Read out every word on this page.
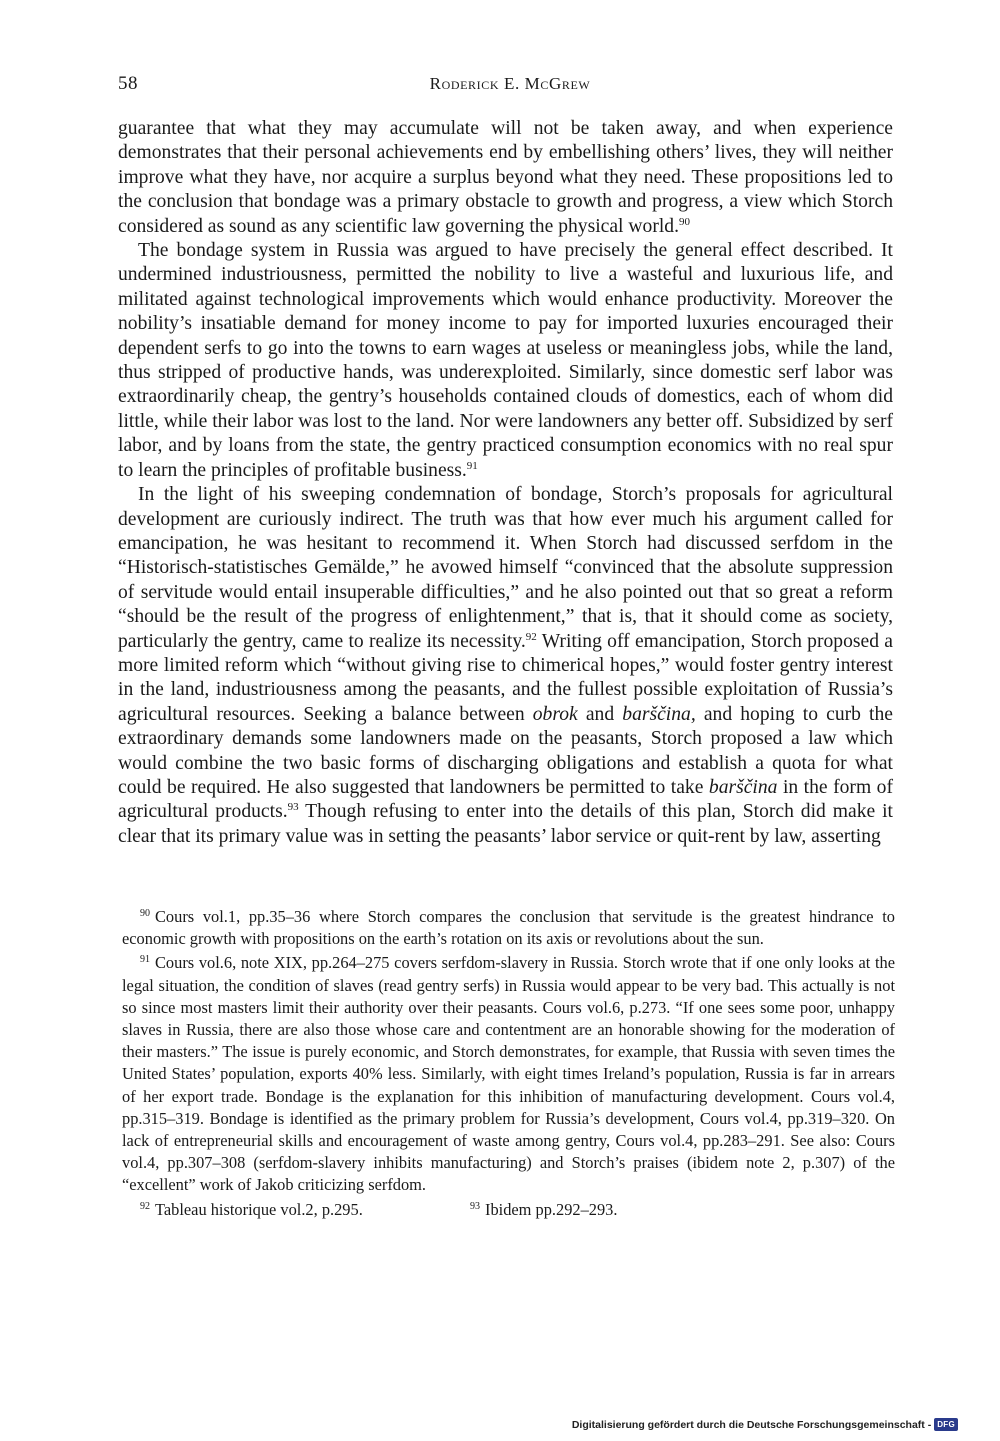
58	Roderick E. McGrew

guarantee that what they may accumulate will not be taken away, and when experience demonstrates that their personal achievements end by embellishing others’ lives, they will neither improve what they have, nor acquire a surplus beyond what they need. These propositions led to the conclusion that bondage was a primary obstacle to growth and progress, a view which Storch considered as sound as any scientific law governing the physical world.$^{90}$

The bondage system in Russia was argued to have precisely the general effect described. It undermined industriousness, permitted the nobility to live a wasteful and luxurious life, and militated against technological improvements which would enhance productivity. Moreover the nobility’s insatiable demand for money income to pay for imported luxuries encouraged their dependent serfs to go into the towns to earn wages at useless or meaningless jobs, while the land, thus stripped of productive hands, was underexploited. Similarly, since domestic serf labor was extraordinarily cheap, the gentry’s households contained clouds of domestics, each of whom did little, while their labor was lost to the land. Nor were landowners any better off. Subsidized by serf labor, and by loans from the state, the gentry practiced consumption economics with no real spur to learn the principles of profitable business.$^{91}$

In the light of his sweeping condemnation of bondage, Storch’s proposals for agricultural development are curiously indirect. The truth was that how ever much his argument called for emancipation, he was hesitant to recommend it. When Storch had discussed serfdom in the “Historisch-statistisches Gemälde,” he avowed himself “convinced that the absolute suppression of servitude would entail insuperable difficulties,” and he also pointed out that so great a reform “should be the result of the progress of enlightenment,” that is, that it should come as society, particularly the gentry, came to realize its necessity.$^{92}$ Writing off emancipation, Storch proposed a more limited reform which “without giving rise to chimerical hopes,” would foster gentry interest in the land, industriousness among the peasants, and the fullest possible exploitation of Russia’s agricultural resources. Seeking a balance between obrok and barščina, and hoping to curb the extraordinary demands some landowners made on the peasants, Storch proposed a law which would combine the two basic forms of discharging obligations and establish a quota for what could be required. He also suggested that landowners be permitted to take barščina in the form of agricultural products.$^{93}$ Though refusing to enter into the details of this plan, Storch did make it clear that its primary value was in setting the peasants’ labor service or quit-rent by law, asserting

$^{90}$ Cours vol.1, pp.35–36 where Storch compares the conclusion that servitude is the greatest hindrance to economic growth with propositions on the earth’s rotation on its axis or revolutions about the sun.

$^{91}$ Cours vol.6, note XIX, pp.264–275 covers serfdom-slavery in Russia. Storch wrote that if one only looks at the legal situation, the condition of slaves (read gentry serfs) in Russia would appear to be very bad. This actually is not so since most masters limit their authority over their peasants. Cours vol.6, p.273. “If one sees some poor, unhappy slaves in Russia, there are also those whose care and contentment are an honorable showing for the moderation of their masters.” The issue is purely economic, and Storch demonstrates, for example, that Russia with seven times the United States’ population, exports 40% less. Similarly, with eight times Ireland’s population, Russia is far in arrears of her export trade. Bondage is the explanation for this inhibition of manufacturing development. Cours vol.4, pp.315–319. Bondage is identified as the primary problem for Russia’s development, Cours vol.4, pp.319–320. On lack of entrepreneurial skills and encouragement of waste among gentry, Cours vol.4, pp.283–291. See also: Cours vol.4, pp.307–308 (serfdom-slavery inhibits manufacturing) and Storch’s praises (ibidem note 2, p.307) of the “excellent” work of Jakob criticizing serfdom.

$^{92}$ Tableau historique vol.2, p.295.	$^{93}$ Ibidem pp.292–293.
Digitalisierung gefördert durch die Deutsche Forschungsgemeinschaft - DFG
